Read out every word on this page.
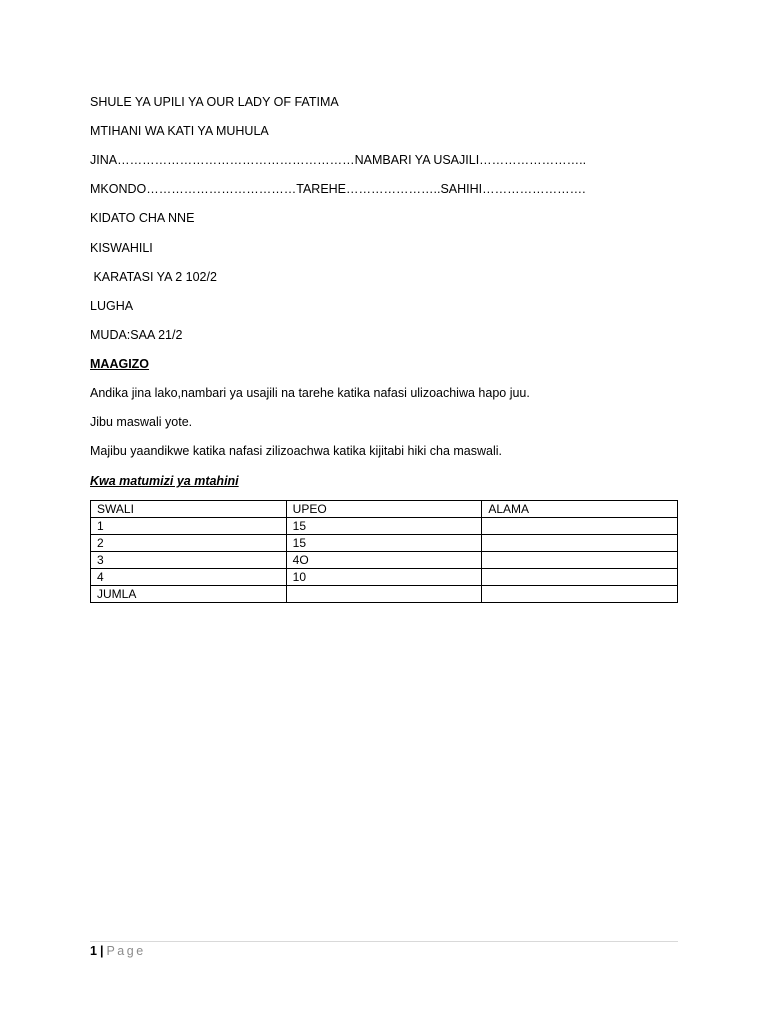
SHULE YA UPILI YA OUR LADY OF FATIMA

MTIHANI WA KATI YA MUHULA

JINA…………………………………………………NAMBARI YA USAJILI……………………..

MKONDO………………………………TAREHE…………………..SAHIHI…………………….

KIDATO CHA NNE

KISWAHILI

KARATASI YA 2 102/2

LUGHA

MUDA:SAA 21/2

MAAGIZO

Andika jina lako,nambari ya usajili na tarehe katika nafasi ulizoachiwa hapo juu.

Jibu maswali yote.

Majibu yaandikwe katika nafasi zilizoachwa katika kijitabi hiki cha maswali.

Kwa matumizi ya mtahini

SWALI	UPEO	ALAMA
1	15	
2	15	
3	4O	
4	10	
JUMLA		
1 | Page
